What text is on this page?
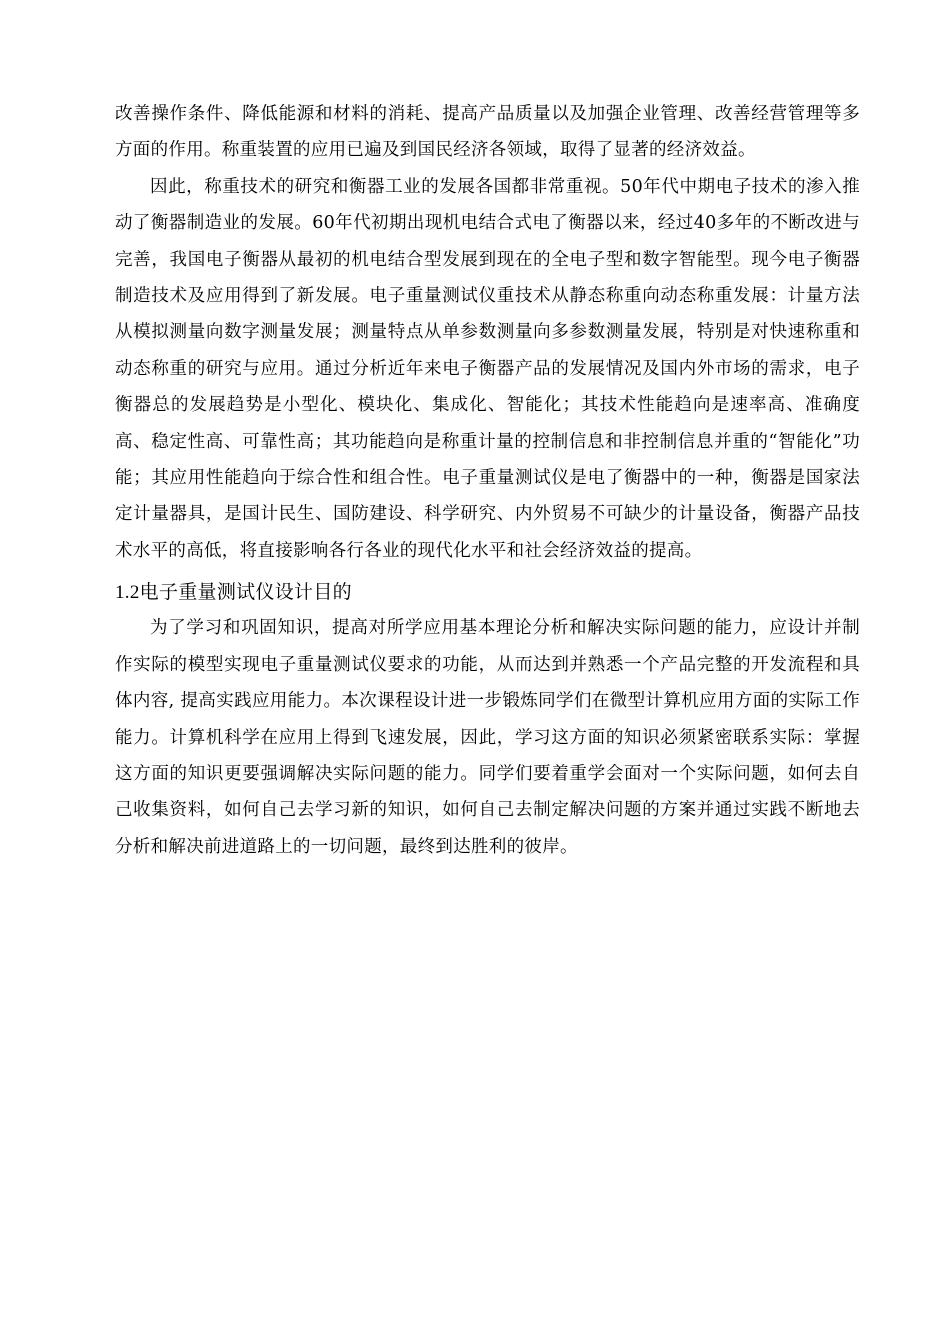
改善操作条件、降低能源和材料的消耗、提高产品质量以及加强企业管理、改善经营管理等多方面的作用。称重装置的应用已遍及到国民经济各领域，取得了显著的经济效益。

因此，称重技术的研究和衡器工业的发展各国都非常重视。50年代中期电子技术的渗入推动了衡器制造业的发展。60年代初期出现机电结合式电了衡器以来，经过40多年的不断改进与完善，我国电子衡器从最初的机电结合型发展到现在的全电子型和数字智能型。现今电子衡器制造技术及应用得到了新发展。电子重量测试仪重技术从静态称重向动态称重发展：计量方法从模拟测量向数字测量发展；测量特点从单参数测量向多参数测量发展，特别是对快速称重和动态称重的研究与应用。通过分析近年来电子衡器产品的发展情况及国内外市场的需求，电子衡器总的发展趋势是小型化、模块化、集成化、智能化；其技术性能趋向是速率高、准确度高、稳定性高、可靠性高；其功能趋向是称重计量的控制信息和非控制信息并重的“智能化”功能；其应用性能趋向于综合性和组合性。电子重量测试仪是电了衡器中的一种，衡器是国家法定计量器具，是国计民生、国防建设、科学研究、内外贸易不可缺少的计量设备，衡器产品技术水平的高低，将直接影响各行各业的现代化水平和社会经济效益的提高。

1.2电子重量测试仪设计目的

为了学习和巩固知识，提高对所学应用基本理论分析和解决实际问题的能力，应设计并制作实际的模型实现电子重量测试仪要求的功能，从而达到并熟悉一个产品完整的开发流程和具体内容, 提高实践应用能力。本次课程设计进一步锻炼同学们在微型计算机应用方面的实际工作能力。计算机科学在应用上得到飞速发展，因此，学习这方面的知识必须紧密联系实际：掌握这方面的知识更要强调解决实际问题的能力。同学们要着重学会面对一个实际问题，如何去自己收集资料，如何自己去学习新的知识，如何自己去制定解决问题的方案并通过实践不断地去分析和解决前进道路上的一切问题，最终到达胜利的彼岸。
